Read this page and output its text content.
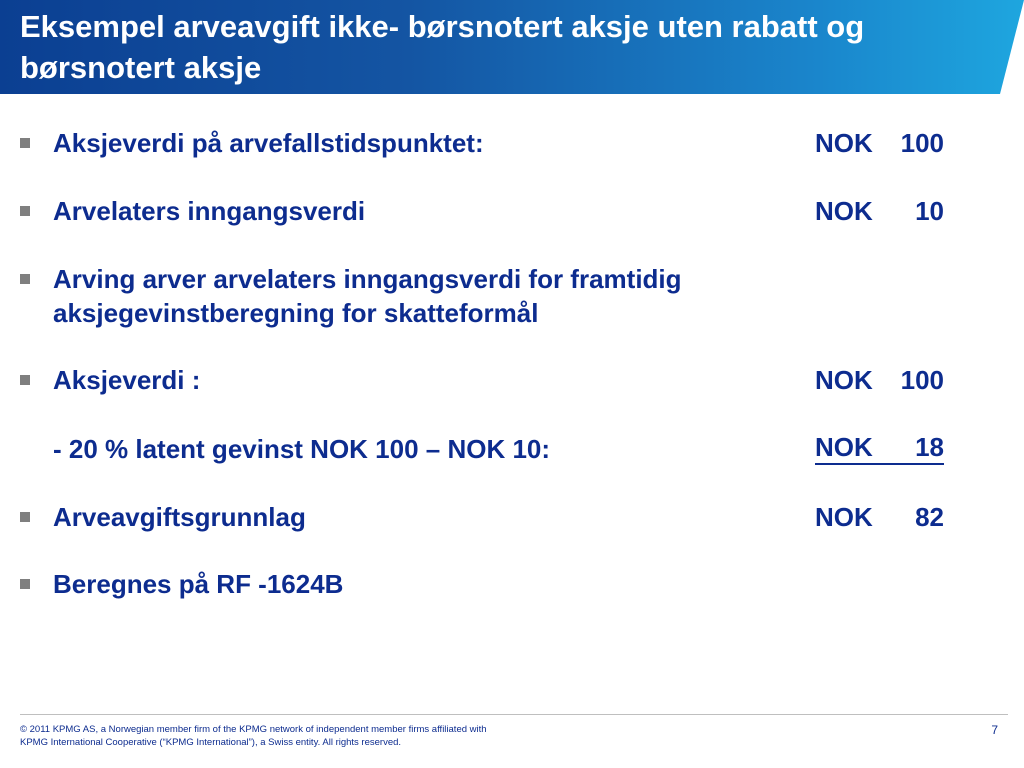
Eksempel arveavgift ikke- børsnotert aksje uten rabatt og børsnotert aksje
Aksjeverdi på arvefallstidspunktet:	NOK 100
Arvelaters inngangsverdi	NOK 10
Arving arver arvelaters inngangsverdi for framtidig
aksjegevinstberegning for skatteformål
Aksjeverdi :	NOK 100
- 20 % latent gevinst NOK 100 – NOK 10:	NOK 18
Arveavgiftsgrunnlag	NOK 82
Beregnes på RF -1624B

© 2011 KPMG AS, a Norwegian member firm of the KPMG network of independent member firms affiliated with
KPMG International Cooperative (“KPMG International”), a Swiss entity. All rights reserved.

7
